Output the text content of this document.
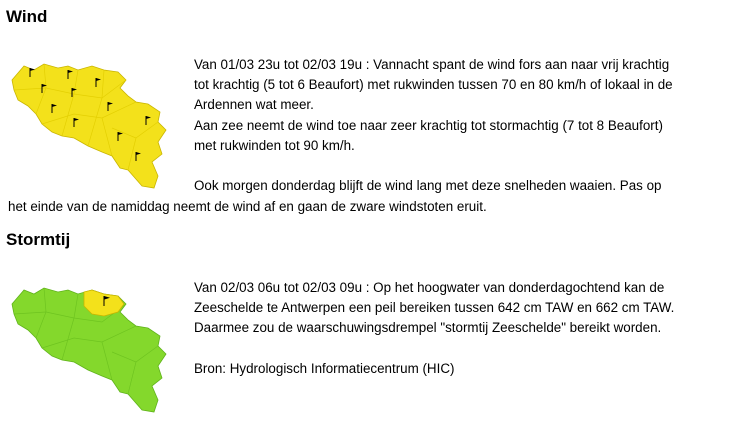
Wind

Van 01/03 23u tot 02/03 19u : Vannacht spant de wind fors aan naar vrij krachtig
tot krachtig (5 tot 6 Beaufort) met rukwinden tussen 70 en 80 km/h of lokaal in de
Ardennen wat meer.
Aan zee neemt de wind toe naar zeer krachtig tot stormachtig (7 tot 8 Beaufort)
met rukwinden tot 90 km/h.

Ook morgen donderdag blijft de wind lang met deze snelheden waaien. Pas op

het einde van de namiddag neemt de wind af en gaan de zware windstoten eruit.

Stormtij

Van 02/03 06u tot 02/03 09u : Op het hoogwater van donderdagochtend kan de
Zeeschelde te Antwerpen een peil bereiken tussen 642 cm TAW en 662 cm TAW.
Daarmee zou de waarschuwingsdrempel "stormtij Zeeschelde" bereikt worden.

Bron: Hydrologisch Informatiecentrum (HIC)
